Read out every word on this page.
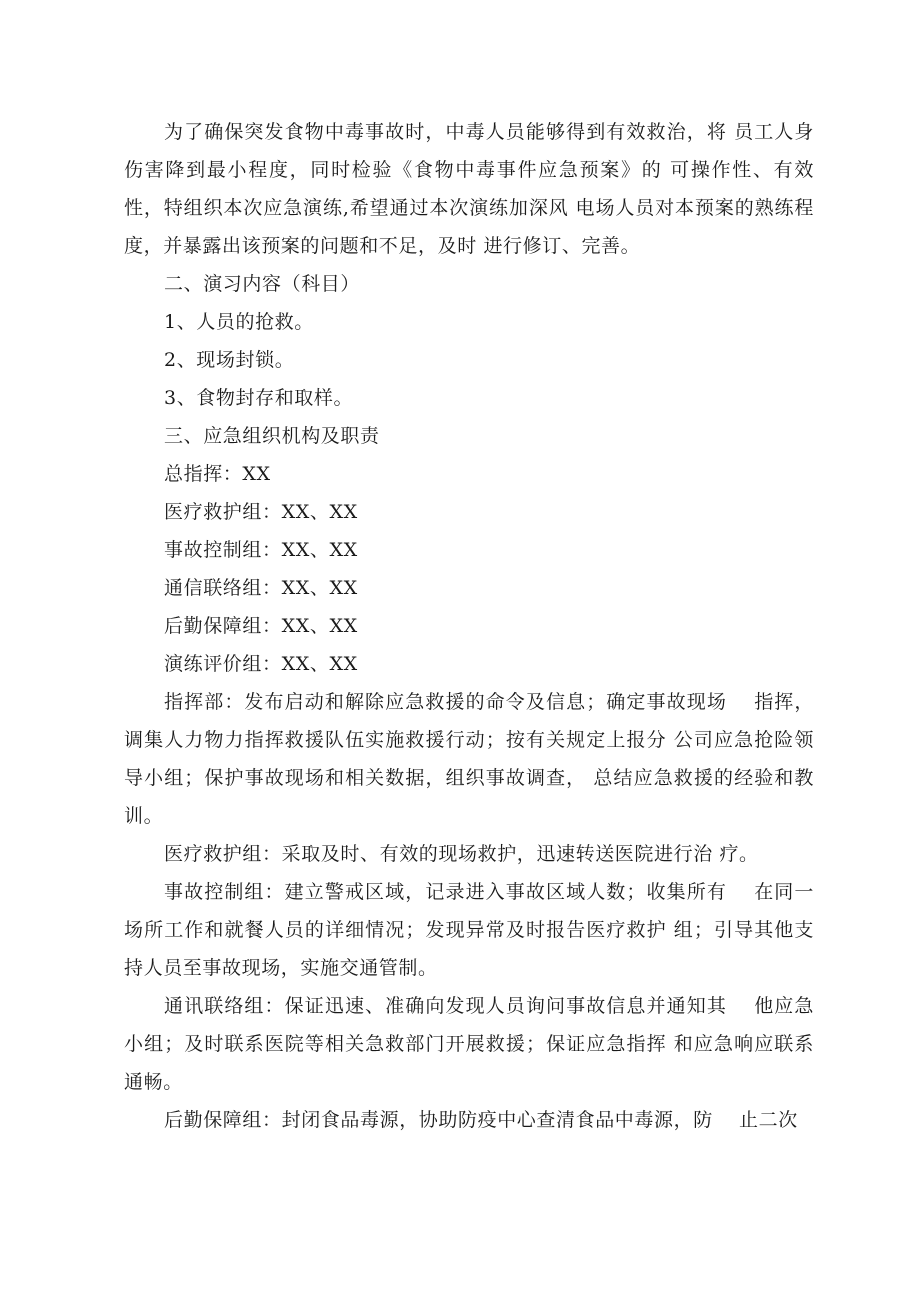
为了确保突发食物中毒事故时，中毒人员能够得到有效救治，将 员工人身伤害降到最小程度，同时检验《食物中毒事件应急预案》的 可操作性、有效性，特组织本次应急演练,希望通过本次演练加深风 电场人员对本预案的熟练程度，并暴露出该预案的问题和不足，及时 进行修订、完善。

二、演习内容（科目）

1、人员的抢救。

2、现场封锁。

3、食物封存和取样。

三、应急组织机构及职责

总指挥：XX

医疗救护组：XX、XX

事故控制组：XX、XX

通信联络组：XX、XX

后勤保障组：XX、XX

演练评价组：XX、XX

指挥部：发布启动和解除应急救援的命令及信息；确定事故现场　 指挥，调集人力物力指挥救援队伍实施救援行动；按有关规定上报分 公司应急抢险领导小组；保护事故现场和相关数据，组织事故调查， 总结应急救援的经验和教训。

医疗救护组：采取及时、有效的现场救护，迅速转送医院进行治 疗。

事故控制组：建立警戒区域，记录进入事故区域人数；收集所有　 在同一场所工作和就餐人员的详细情况；发现异常及时报告医疗救护 组；引导其他支持人员至事故现场，实施交通管制。

通讯联络组：保证迅速、准确向发现人员询问事故信息并通知其　 他应急小组；及时联系医院等相关急救部门开展救援；保证应急指挥 和应急响应联系通畅。

后勤保障组：封闭食品毒源，协助防疫中心查清食品中毒源，防　 止二次
